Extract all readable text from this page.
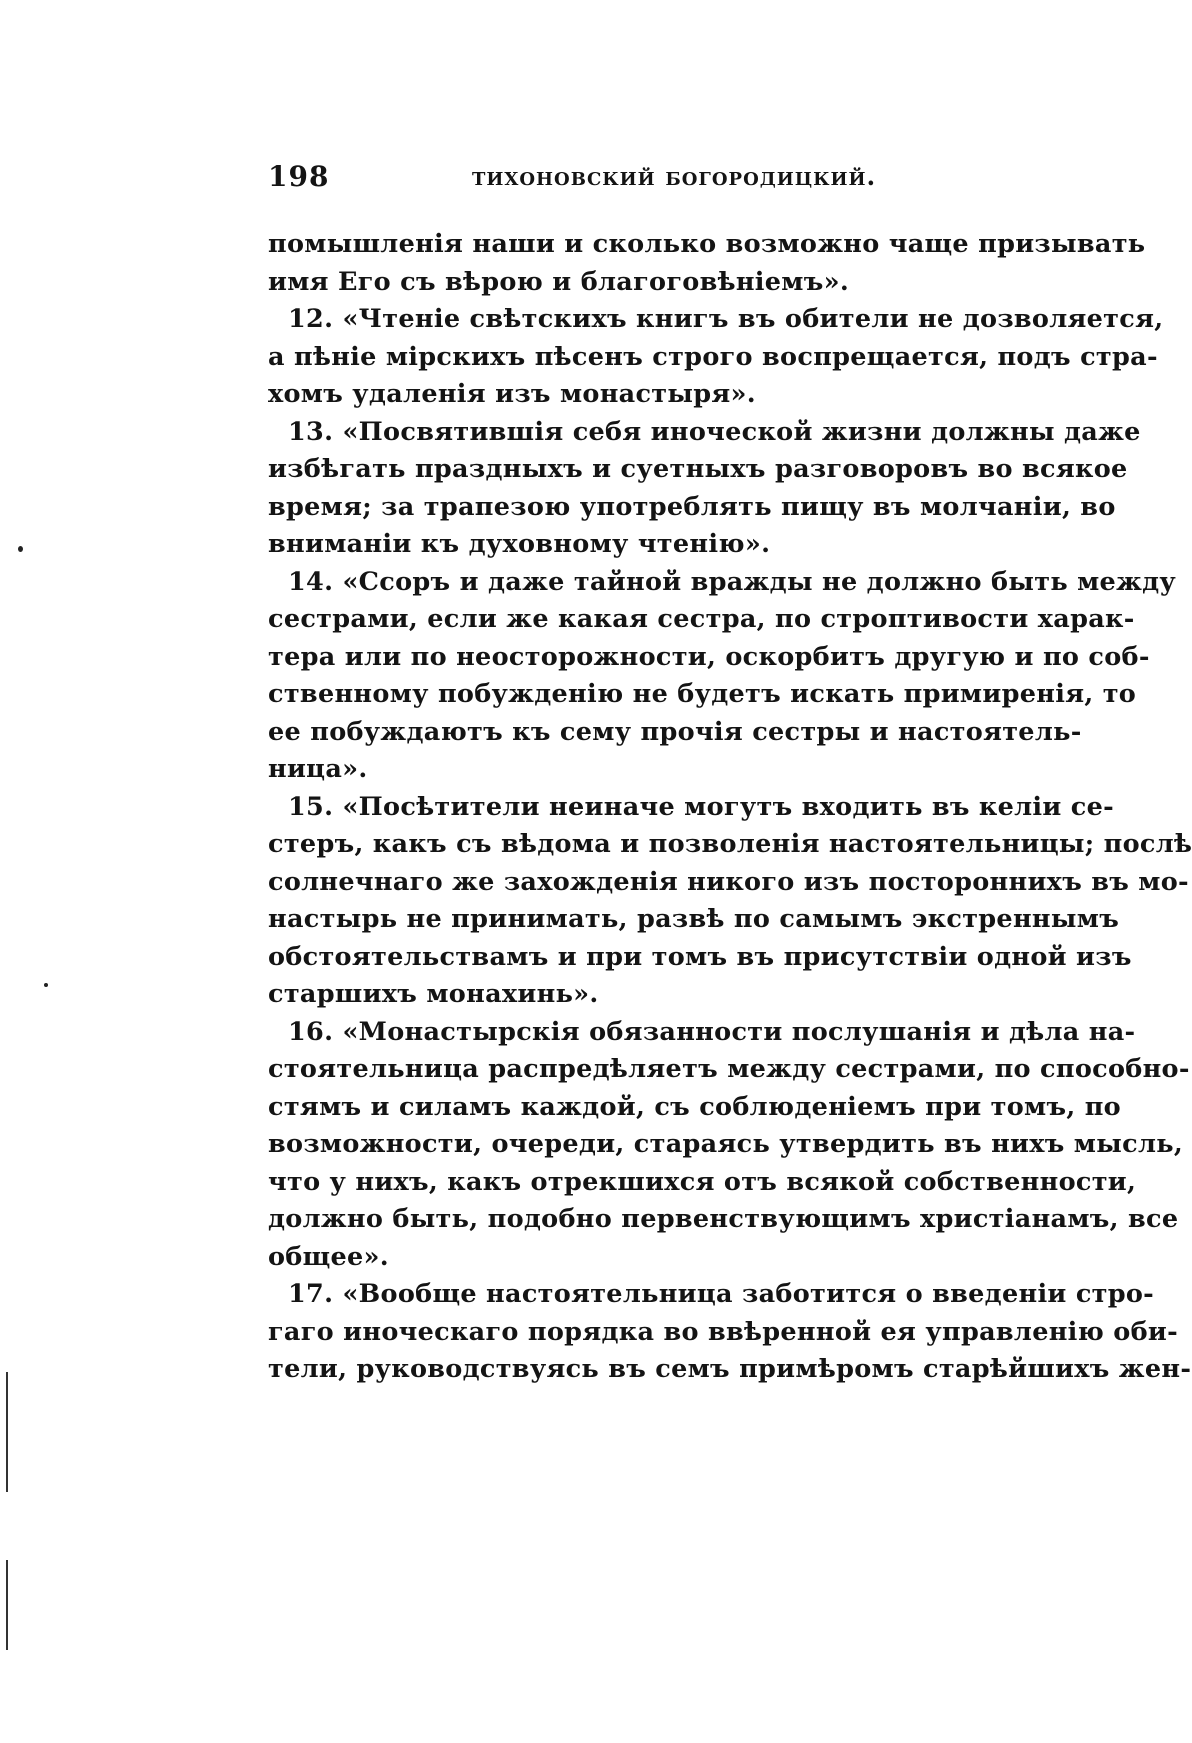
198	тихоновский богородицкий.
помышленія наши и сколько возможно чаще призывать
имя Его съ вѣрою и благоговѣніемъ».
12. «Чтеніе свѣтскихъ книгъ въ обители не дозволяется,
а пѣніе мірскихъ пѣсенъ строго воспрещается, подъ стра-
хомъ удаленія изъ монастыря».
13. «Посвятившія себя иноческой жизни должны даже
избѣгать праздныхъ и суетныхъ разговоровъ во всякое
время; за трапезою употреблять пищу въ молчаніи, во
вниманіи къ духовному чтенію».
14. «Ссоръ и даже тайной вражды не должно быть между
сестрами, если же какая сестра, по строптивости харак-
тера или по неосторожности, оскорбитъ другую и по соб-
ственному побужденію не будетъ искать примиренія, то
ее побуждаютъ къ сему прочія сестры и настоятель-
ница».
15. «Посѣтители неиначе могутъ входить въ келіи се-
стеръ, какъ съ вѣдома и позволенія настоятельницы; послѣ
солнечнаго же захожденія никого изъ постороннихъ въ мо-
настырь не принимать, развѣ по самымъ экстреннымъ
обстоятельствамъ и при томъ въ присутствіи одной изъ
старшихъ монахинь».
16. «Монастырскія обязанности послушанія и дѣла на-
стоятельница распредѣляетъ между сестрами, по способно-
стямъ и силамъ каждой, съ соблюденіемъ при томъ, по
возможности, очереди, стараясь утвердить въ нихъ мысль,
что у нихъ, какъ отрекшихся отъ всякой собственности,
должно быть, подобно первенствующимъ христіанамъ, все
общее».
17. «Вообще настоятельница заботится о введеніи стро-
гаго иноческаго порядка во ввѣренной ея управленію оби-
тели, руководствуясь въ семъ примѣромъ старѣйшихъ жен-
